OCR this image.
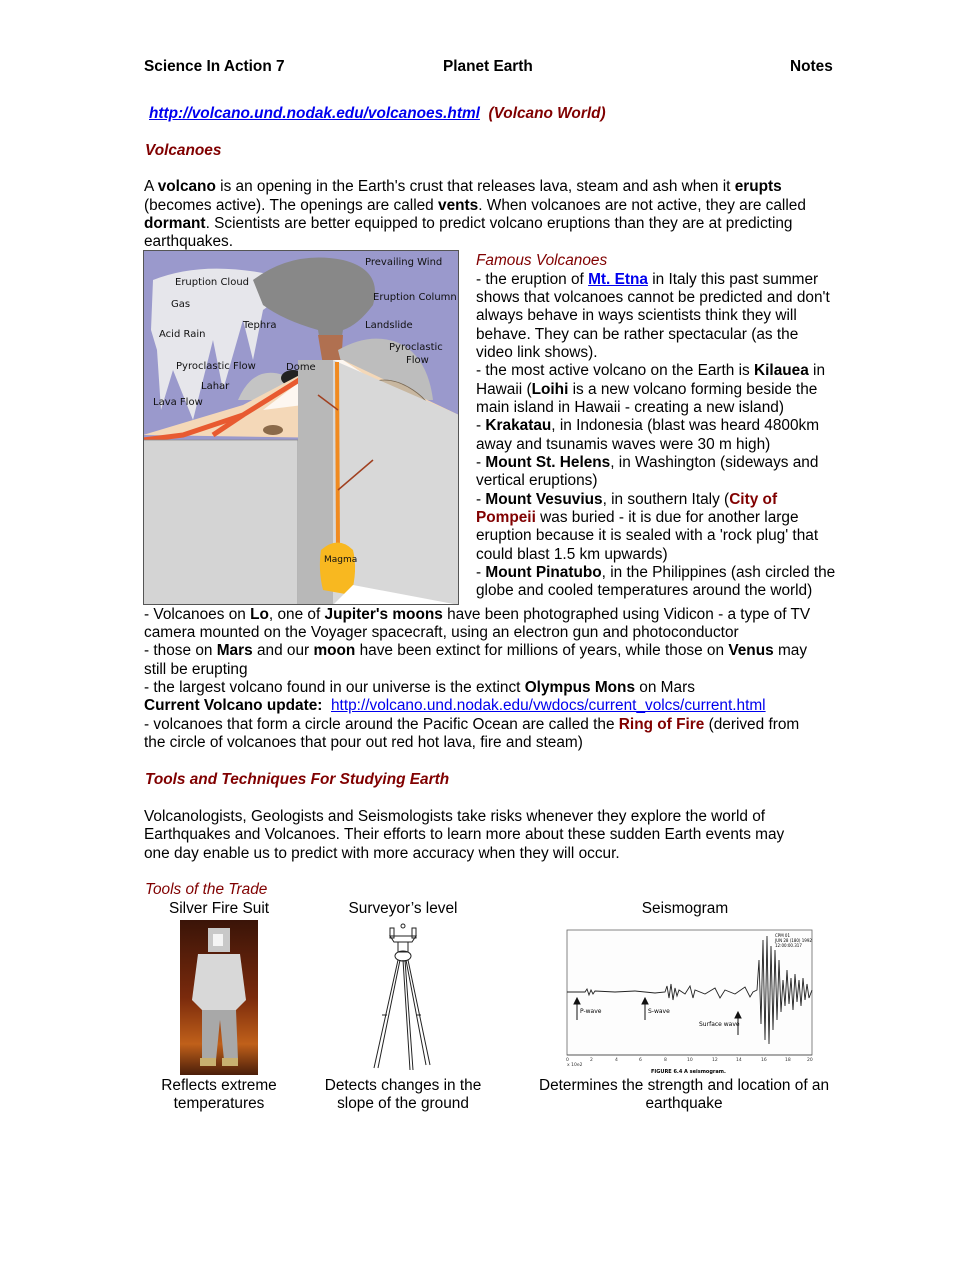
Science In Action 7	Planet Earth	Notes
http://volcano.und.nodak.edu/volcanoes.html (Volcano World)
Volcanoes
A volcano is an opening in the Earth's crust that releases lava, steam and ash when it erupts
(becomes active). The openings are called vents. When volcanoes are not active, they are called
dormant. Scientists are better equipped to predict volcano eruptions than they are at predicting
earthquakes.
Prevailing Wind
Eruption Cloud
Eruption Column
Gas
Acid Rain
Tephra	Landslide
Pyroclastic
Flow
Pyroclastic Flow	Dome
Lahar
Lava Flow
Magma
Famous Volcanoes
- the eruption of Mt. Etna in Italy this past summer
shows that volcanoes cannot be predicted and don't
always behave in ways scientists think they will
behave. They can be rather spectacular (as the
video link shows).
- the most active volcano on the Earth is Kilauea in
Hawaii (Loihi is a new volcano forming beside the
main island in Hawaii - creating a new island)
- Krakatau, in Indonesia (blast was heard 4800km
away and tsunamis waves were 30 m high)
- Mount St. Helens, in Washington (sideways and
vertical eruptions)
- Mount Vesuvius, in southern Italy (City of
Pompeii was buried - it is due for another large
eruption because it is sealed with a 'rock plug' that
could blast 1.5 km upwards)
- Mount Pinatubo, in the Philippines (ash circled the
globe and cooled temperatures around the world)
- Volcanoes on Lo, one of Jupiter's moons have been photographed using Vidicon - a type of TV
camera mounted on the Voyager spacecraft, using an electron gun and photoconductor
- those on Mars and our moon have been extinct for millions of years, while those on Venus may
still be erupting
- the largest volcano found in our universe is the extinct Olympus Mons on Mars
Current Volcano update: http://volcano.und.nodak.edu/vwdocs/current_volcs/current.html
- volcanoes that form a circle around the Pacific Ocean are called the Ring of Fire (derived from
the circle of volcanoes that pour out red hot lava, fire and steam)
Tools and Techniques For Studying Earth
Volcanologists, Geologists and Seismologists take risks whenever they explore the world of
Earthquakes and Volcanoes. Their efforts to learn more about these sudden Earth events may
one day enable us to predict with more accuracy when they will occur.
Tools of the Trade
Silver Fire Suit	Surveyor’s level	Seismogram
P-wave	S-wave
Surface wave
CPM 01
JUN 28 (180) 1992
12:00:00.317
0	2	4	6	8	10	12	14	16	18	20
x 10e2
FIGURE 6.4 A seismogram.
Reflects extreme
temperatures
Detects changes in the
slope of the ground
Determines the strength and location of an
earthquake
